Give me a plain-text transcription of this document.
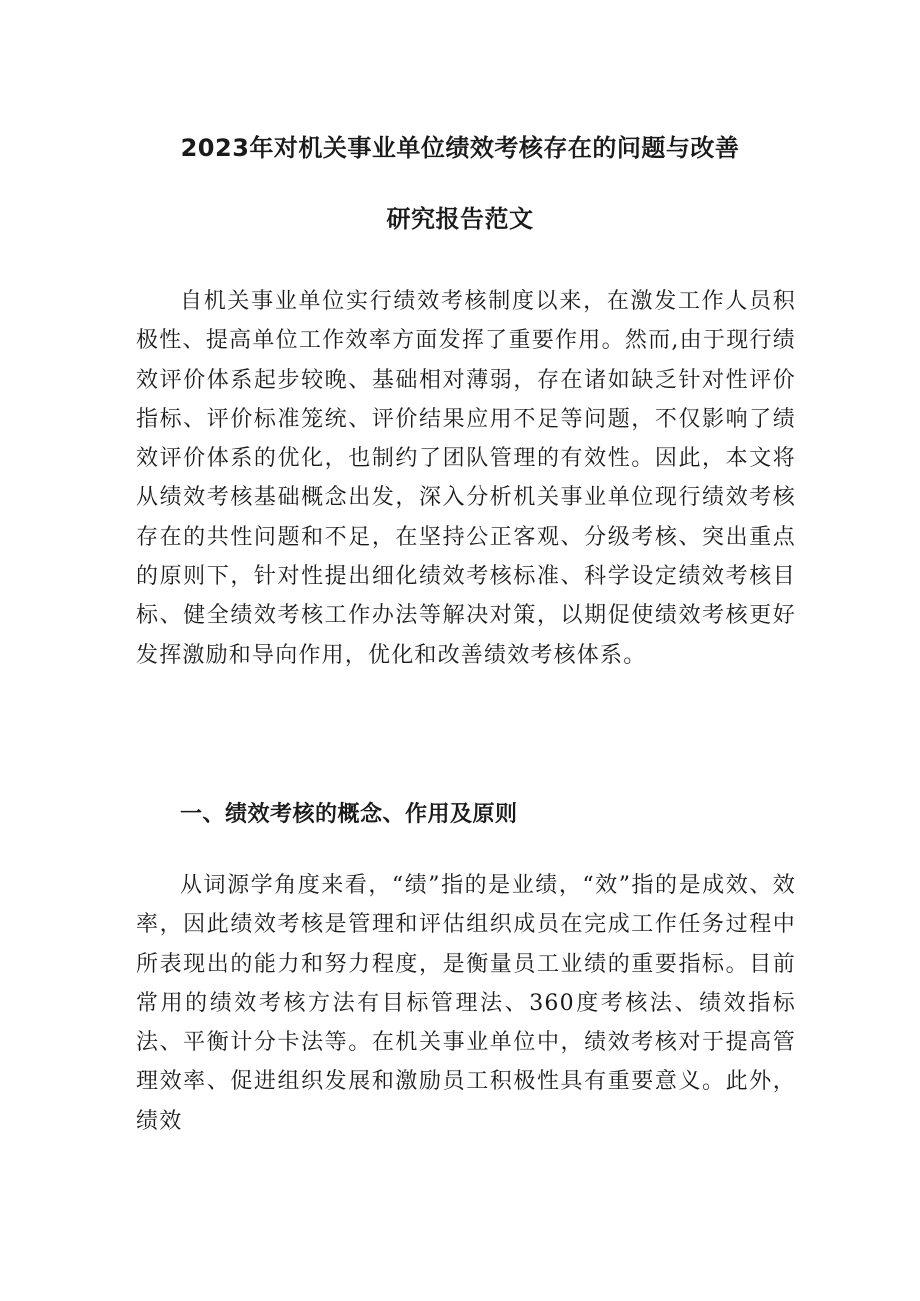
2023年对机关事业单位绩效考核存在的问题与改善
研究报告范文

自机关事业单位实行绩效考核制度以来，在激发工作人员积极性、提高单位工作效率方面发挥了重要作用。然而,由于现行绩效评价体系起步较晚、基础相对薄弱，存在诸如缺乏针对性评价指标、评价标准笼统、评价结果应用不足等问题，不仅影响了绩效评价体系的优化，也制约了团队管理的有效性。因此，本文将从绩效考核基础概念出发，深入分析机关事业单位现行绩效考核存在的共性问题和不足，在坚持公正客观、分级考核、突出重点的原则下，针对性提出细化绩效考核标准、科学设定绩效考核目标、健全绩效考核工作办法等解决对策，以期促使绩效考核更好发挥激励和导向作用，优化和改善绩效考核体系。

一、绩效考核的概念、作用及原则

从词源学角度来看，“绩”指的是业绩，“效”指的是成效、效率，因此绩效考核是管理和评估组织成员在完成工作任务过程中所表现出的能力和努力程度，是衡量员工业绩的重要指标。目前常用的绩效考核方法有目标管理法、360度考核法、绩效指标法、平衡计分卡法等。在机关事业单位中，绩效考核对于提高管理效率、促进组织发展和激励员工积极性具有重要意义。此外，绩效
